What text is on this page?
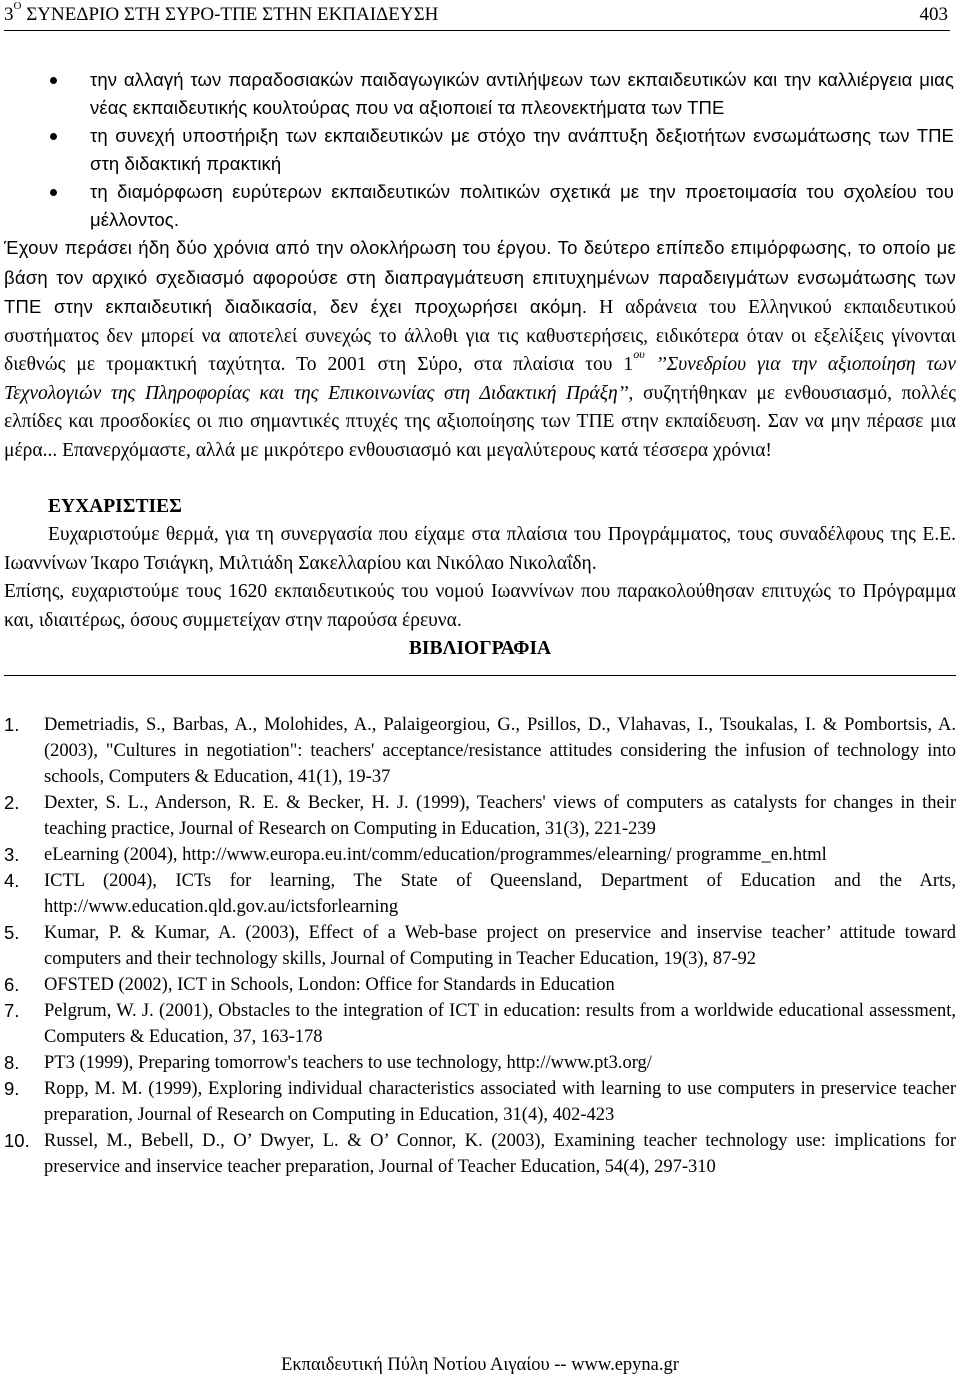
$3^O$ ΣΥΝΕΔΡΙΟ ΣΤΗ ΣΥΡΟ-ΤΠΕ ΣΤΗΝ ΕΚΠΑΙΔΕΥΣΗ	403
την αλλαγή των παραδοσιακών παιδαγωγικών αντιλήψεων των εκπαιδευτικών και την καλλιέργεια μιας νέας εκπαιδευτικής κουλτούρας που να αξιοποιεί τα πλεονεκτήματα των ΤΠΕ
τη συνεχή υποστήριξη των εκπαιδευτικών με στόχο την ανάπτυξη δεξιοτήτων ενσωμάτωσης των ΤΠΕ στη διδακτική πρακτική
τη διαμόρφωση ευρύτερων εκπαιδευτικών πολιτικών σχετικά με την προετοιμασία του σχολείου του μέλλοντος.

Έχουν περάσει ήδη δύο χρόνια από την ολοκλήρωση του έργου. Το δεύτερο επίπεδο επιμόρφωσης, το οποίο με βάση τον αρχικό σχεδιασμό αφορούσε στη διαπραγμάτευση επιτυχημένων παραδειγμάτων ενσωμάτωσης των ΤΠΕ στην εκπαιδευτική διαδικασία, δεν έχει προχωρήσει ακόμη. Η αδράνεια του Ελληνικού εκπαιδευτικού συστήματος δεν μπορεί να αποτελεί συνεχώς το άλλοθι για τις καθυστερήσεις, ειδικότερα όταν οι εξελίξεις γίνονται διεθνώς με τρομακτική ταχύτητα. Το 2001 στη Σύρο, στα πλαίσια του $1^{o\upsilon}$ ’’Συνεδρίου για την αξιοποίηση των Τεχνολογιών της Πληροφορίας και της Επικοινωνίας στη Διδακτική Πράξη’’, συζητήθηκαν με ενθουσιασμό, πολλές ελπίδες και προσδοκίες οι πιο σημαντικές πτυχές της αξιοποίησης των ΤΠΕ στην εκπαίδευση. Σαν να μην πέρασε μια μέρα... Επανερχόμαστε, αλλά με μικρότερο ενθουσιασμό και μεγαλύτερους κατά τέσσερα χρόνια!

ΕΥΧΑΡΙΣΤΙΕΣ

Ευχαριστούμε θερμά, για τη συνεργασία που είχαμε στα πλαίσια του Προγράμματος, τους συναδέλφους της Ε.Ε. Ιωαννίνων Ίκαρο Τσιάγκη, Μιλτιάδη Σακελλαρίου και Νικόλαο Νικολαΐδη.

Επίσης, ευχαριστούμε τους 1620 εκπαιδευτικούς του νομού Ιωαννίνων που παρακολούθησαν επιτυχώς το Πρόγραμμα και, ιδιαιτέρως, όσους συμμετείχαν στην παρούσα έρευνα.

ΒΙΒΛΙΟΓΡΑΦΙΑ
1. Demetriadis, S., Barbas, A., Molohides, A., Palaigeorgiou, G., Psillos, D., Vlahavas, I., Tsoukalas, I. & Pombortsis, A. (2003), "Cultures in negotiation": teachers' acceptance/resistance attitudes considering the infusion of technology into schools, Computers & Education, 41(1), 19-37
2. Dexter, S. L., Anderson, R. E. & Becker, H. J. (1999), Teachers' views of computers as catalysts for changes in their teaching practice, Journal of Research on Computing in Education, 31(3), 221-239
3. eLearning (2004), http://www.europa.eu.int/comm/education/programmes/elearning/ programme_en.html
4. ICTL (2004), ICTs for learning, The State of Queensland, Department of Education and the Arts, http://www.education.qld.gov.au/ictsforlearning
5. Kumar, P. & Kumar, A. (2003), Effect of a Web-base project on preservice and inservise teacher’ attitude toward computers and their technology skills, Journal of Computing in Teacher Education, 19(3), 87-92
6. OFSTED (2002), ICT in Schools, London: Office for Standards in Education
7. Pelgrum, W. J. (2001), Obstacles to the integration of ICT in education: results from a worldwide educational assessment, Computers & Education, 37, 163-178
8. PT3 (1999), Preparing tomorrow's teachers to use technology, http://www.pt3.org/
9. Ropp, M. M. (1999), Exploring individual characteristics associated with learning to use computers in preservice teacher preparation, Journal of Research on Computing in Education, 31(4), 402-423
10. Russel, M., Bebell, D., O’ Dwyer, L. & O’ Connor, K. (2003), Examining teacher technology use: implications for preservice and inservice teacher preparation, Journal of Teacher Education, 54(4), 297-310
Εκπαιδευτική Πύλη Νοτίου Αιγαίου -- www.epyna.gr
